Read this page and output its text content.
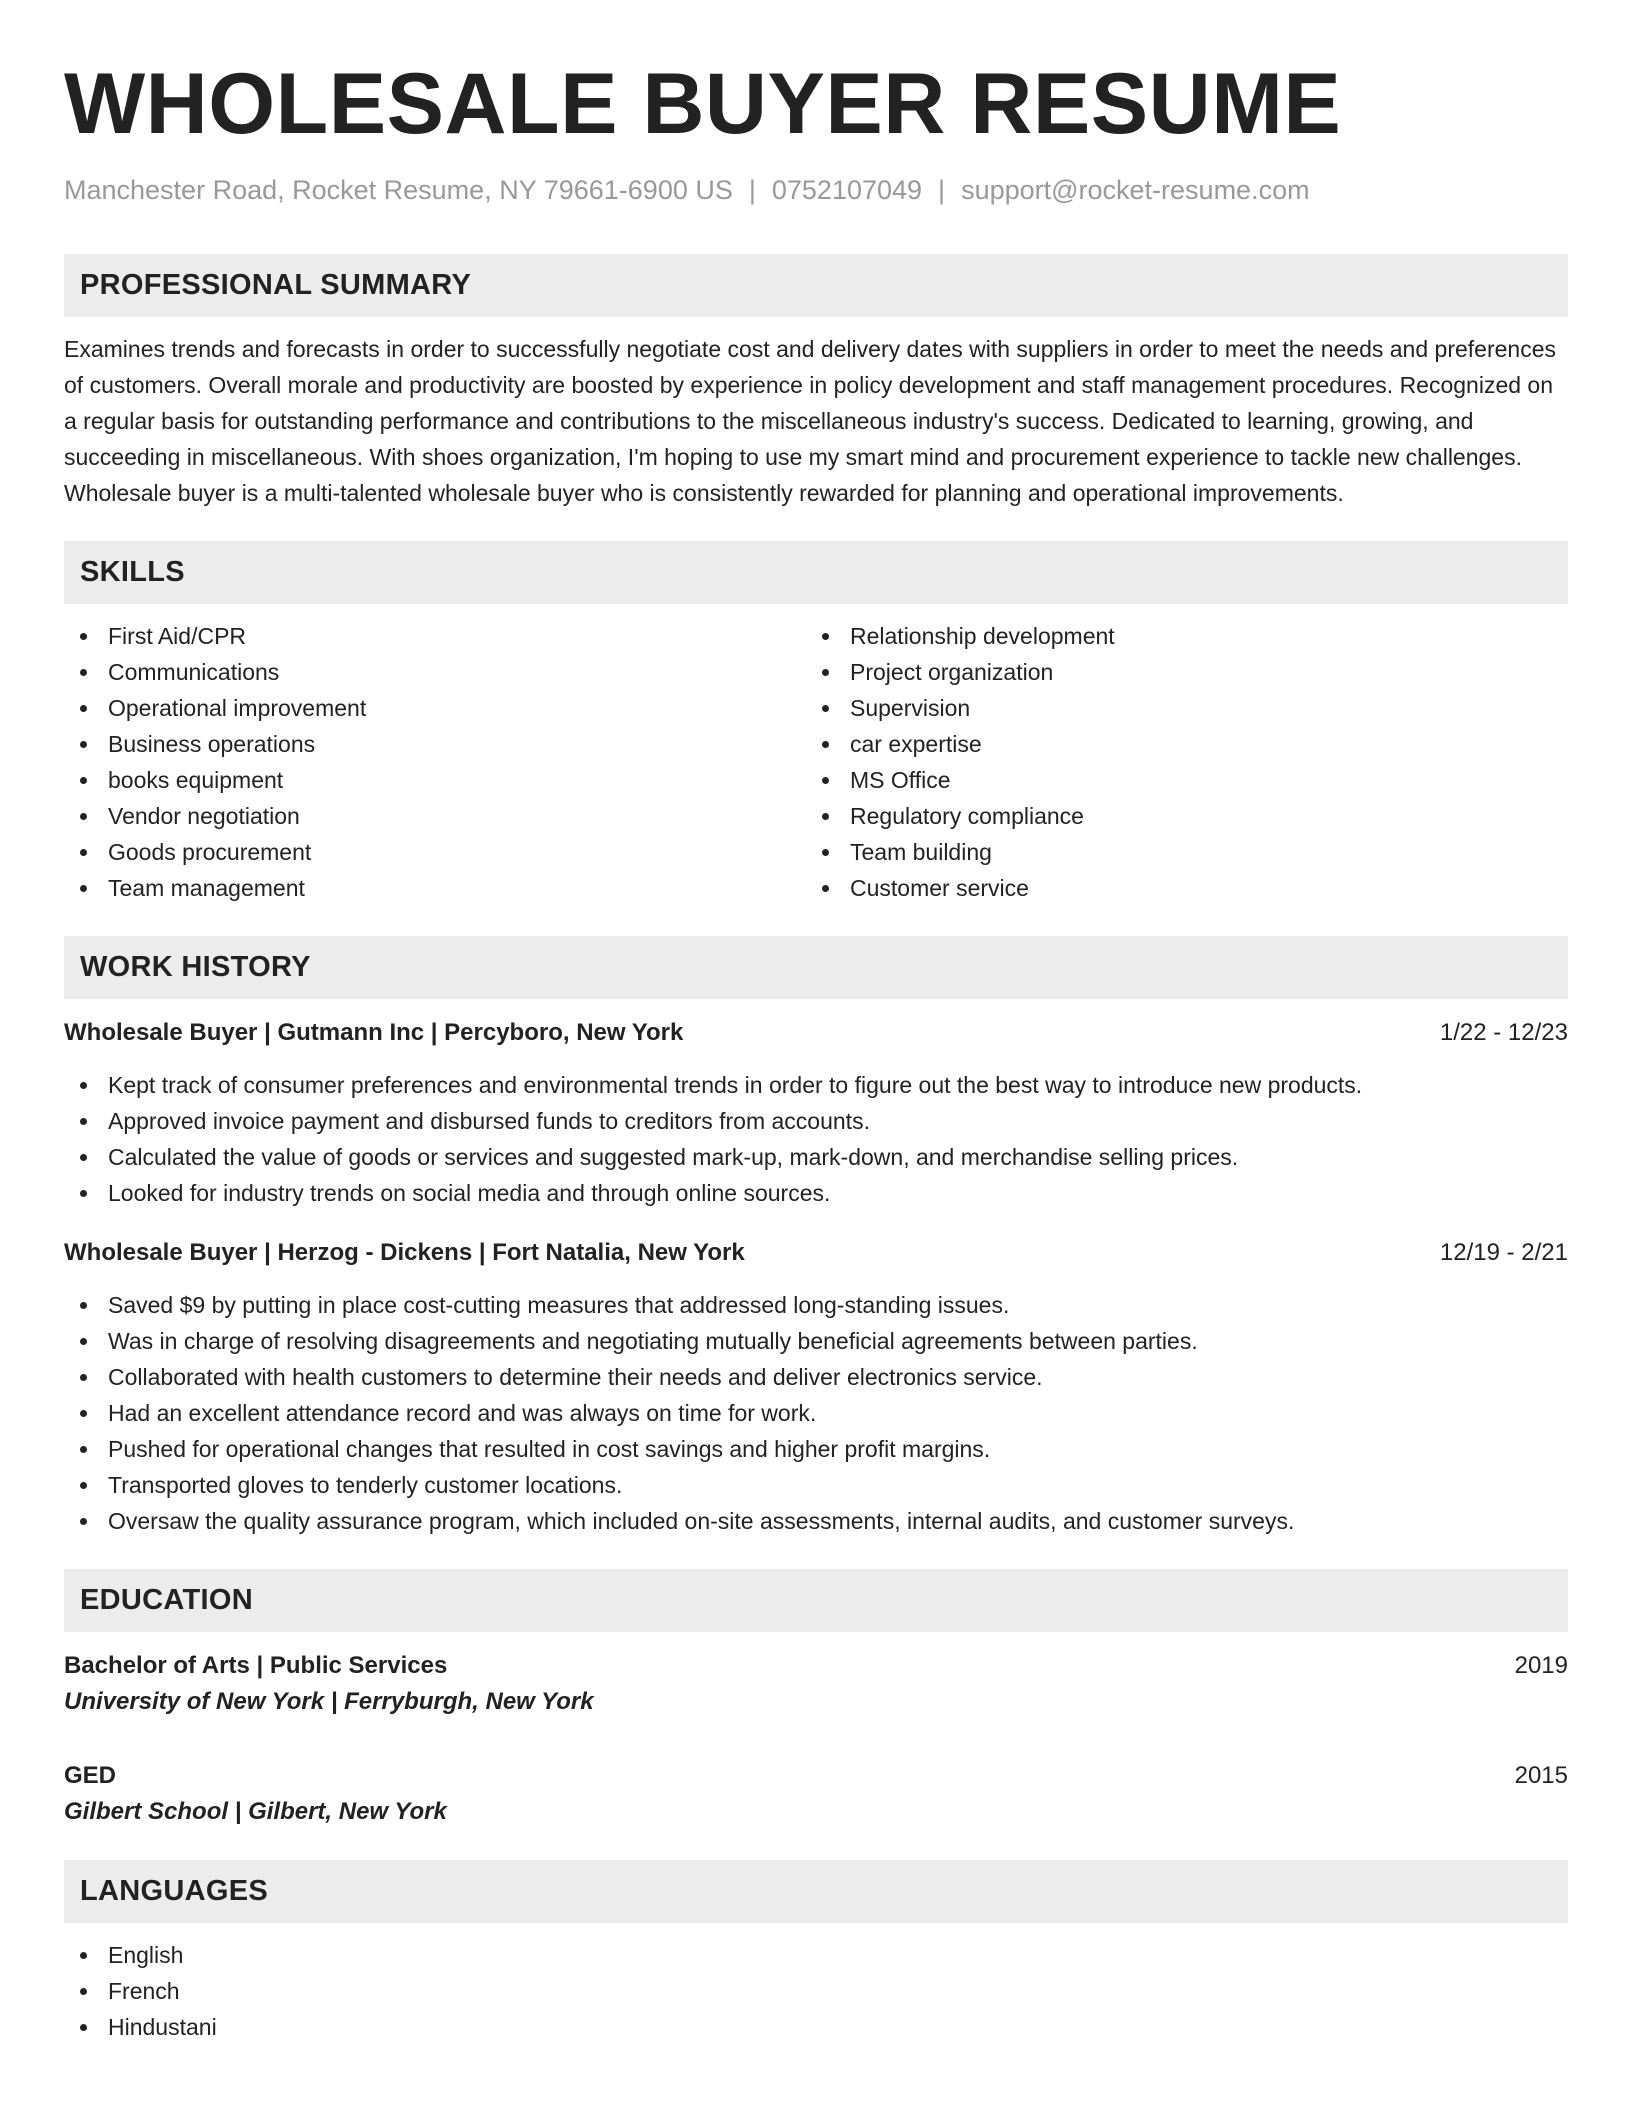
WHOLESALE BUYER RESUME
Manchester Road, Rocket Resume, NY 79661-6900 US | 0752107049 | support@rocket-resume.com
PROFESSIONAL SUMMARY

Examines trends and forecasts in order to successfully negotiate cost and delivery dates with suppliers in order to meet the needs and preferences of customers. Overall morale and productivity are boosted by experience in policy development and staff management procedures. Recognized on a regular basis for outstanding performance and contributions to the miscellaneous industry's success. Dedicated to learning, growing, and succeeding in miscellaneous. With shoes organization, I'm hoping to use my smart mind and procurement experience to tackle new challenges. Wholesale buyer is a multi-talented wholesale buyer who is consistently rewarded for planning and operational improvements.

SKILLS
First Aid/CPR
Communications
Operational improvement
Business operations
books equipment
Vendor negotiation
Goods procurement
Team management
Relationship development
Project organization
Supervision
car expertise
MS Office
Regulatory compliance
Team building
Customer service
WORK HISTORY
Wholesale Buyer | Gutmann Inc | Percyboro, New York	1/22 - 12/23
Kept track of consumer preferences and environmental trends in order to figure out the best way to introduce new products.
Approved invoice payment and disbursed funds to creditors from accounts.
Calculated the value of goods or services and suggested mark-up, mark-down, and merchandise selling prices.
Looked for industry trends on social media and through online sources.
Wholesale Buyer | Herzog - Dickens | Fort Natalia, New York	12/19 - 2/21
Saved $9 by putting in place cost-cutting measures that addressed long-standing issues.
Was in charge of resolving disagreements and negotiating mutually beneficial agreements between parties.
Collaborated with health customers to determine their needs and deliver electronics service.
Had an excellent attendance record and was always on time for work.
Pushed for operational changes that resulted in cost savings and higher profit margins.
Transported gloves to tenderly customer locations.
Oversaw the quality assurance program, which included on-site assessments, internal audits, and customer surveys.
EDUCATION
Bachelor of Arts | Public Services	2019
University of New York | Ferryburgh, New York
GED	2015
Gilbert School | Gilbert, New York
LANGUAGES
English
French
Hindustani
